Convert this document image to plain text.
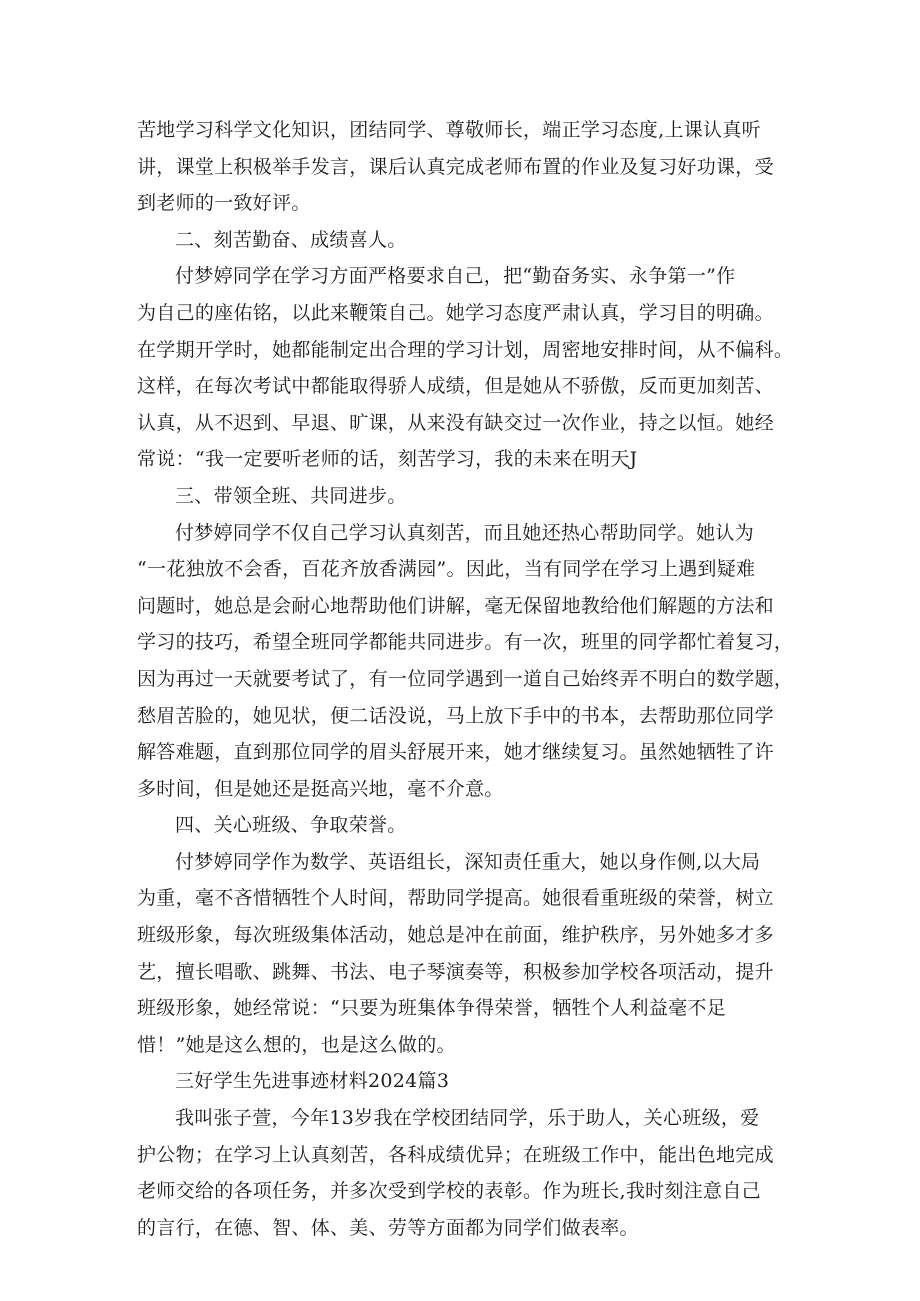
苦地学习科学文化知识，团结同学、尊敬师长，端正学习态度,上课认真听
讲，课堂上积极举手发言，课后认真完成老师布置的作业及复习好功课，受
到老师的一致好评。
二、刻苦勤奋、成绩喜人。
付梦婷同学在学习方面严格要求自己，把“勤奋务实、永争第一”作
为自己的座佑铭，以此来鞭策自己。她学习态度严肃认真，学习目的明确。
在学期开学时，她都能制定出合理的学习计划，周密地安排时间，从不偏科。
这样，在每次考试中都能取得骄人成绩，但是她从不骄傲，反而更加刻苦、
认真，从不迟到、早退、旷课，从来没有缺交过一次作业，持之以恒。她经
常说：“我一定要听老师的话，刻苦学习，我的未来在明天J
三、带领全班、共同进步。
付梦婷同学不仅自己学习认真刻苦，而且她还热心帮助同学。她认为
“一花独放不会香，百花齐放香满园”。因此，当有同学在学习上遇到疑难
问题时，她总是会耐心地帮助他们讲解，毫无保留地教给他们解题的方法和
学习的技巧，希望全班同学都能共同进步。有一次，班里的同学都忙着复习，
因为再过一天就要考试了，有一位同学遇到一道自己始终弄不明白的数学题，
愁眉苦脸的，她见状，便二话没说，马上放下手中的书本，去帮助那位同学
解答难题，直到那位同学的眉头舒展开来，她才继续复习。虽然她牺牲了许
多时间，但是她还是挺高兴地，毫不介意。
四、关心班级、争取荣誉。
付梦婷同学作为数学、英语组长，深知责任重大，她以身作侧,以大局
为重，毫不吝惜牺牲个人时间，帮助同学提高。她很看重班级的荣誉，树立
班级形象，每次班级集体活动，她总是冲在前面，维护秩序，另外她多才多
艺，擅长唱歌、跳舞、书法、电子琴演奏等，积极参加学校各项活动，提升
班级形象，她经常说：“只要为班集体争得荣誉，牺牲个人利益毫不足
惜！”她是这么想的，也是这么做的。
三好学生先进事迹材料2024篇3
我叫张子萱，今年13岁我在学校团结同学，乐于助人，关心班级，爱
护公物；在学习上认真刻苦，各科成绩优异；在班级工作中，能出色地完成
老师交给的各项任务，并多次受到学校的表彰。作为班长,我时刻注意自己
的言行，在德、智、体、美、劳等方面都为同学们做表率。
